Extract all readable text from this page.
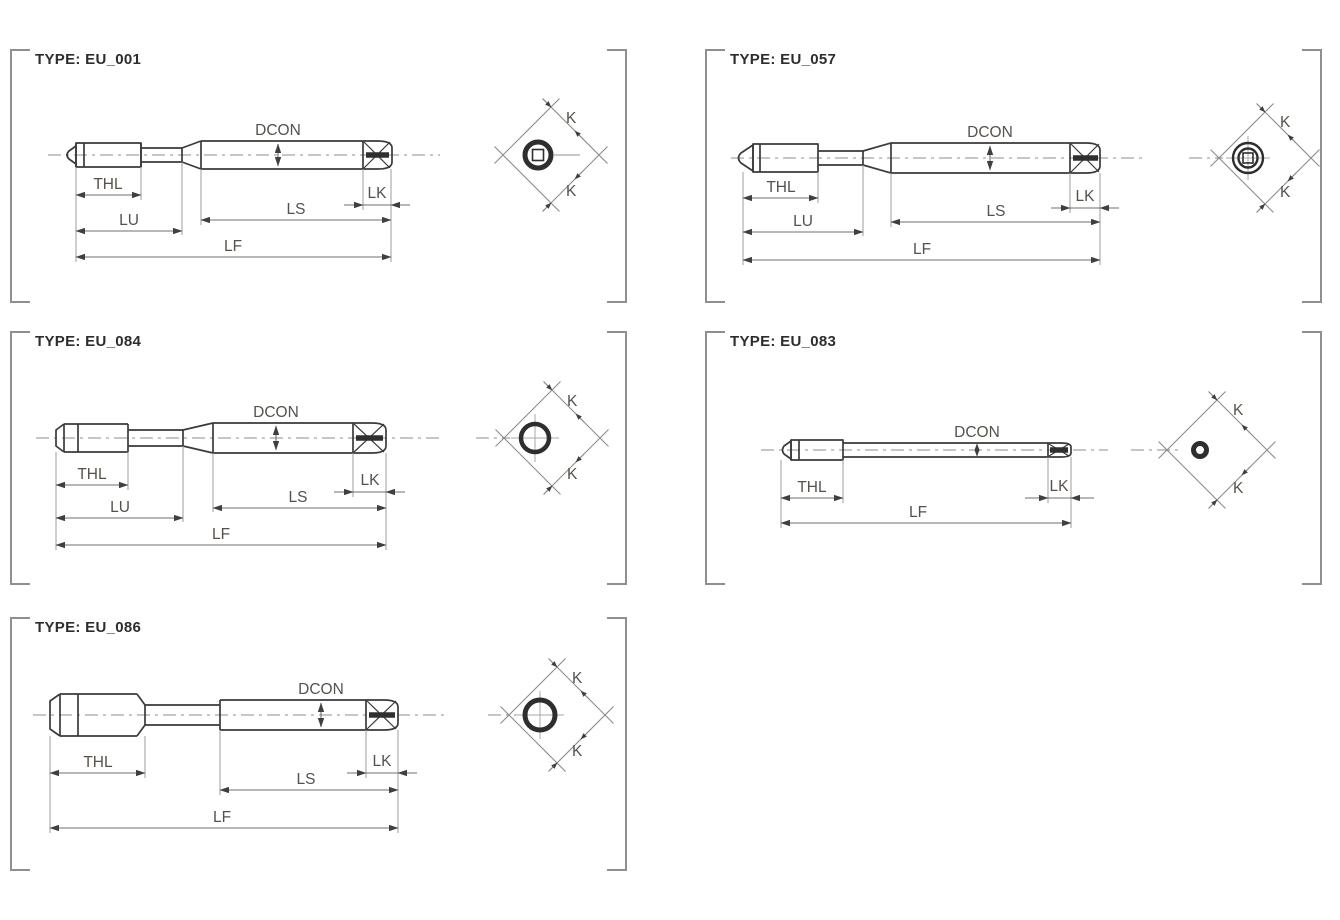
TYPE: EU_001
DCON
THL
LK
LS
LU
LF
K
K
TYPE: EU_057
DCON
THL
LK
LS
LU
LF
K
K
TYPE: EU_084
DCON
THL	LK
LS
LU
LF
K
K
TYPE: EU_083
DCON
THL	LK
LF
K
K
TYPE: EU_086
DCON
THL	LK
LS
LF
K
K
